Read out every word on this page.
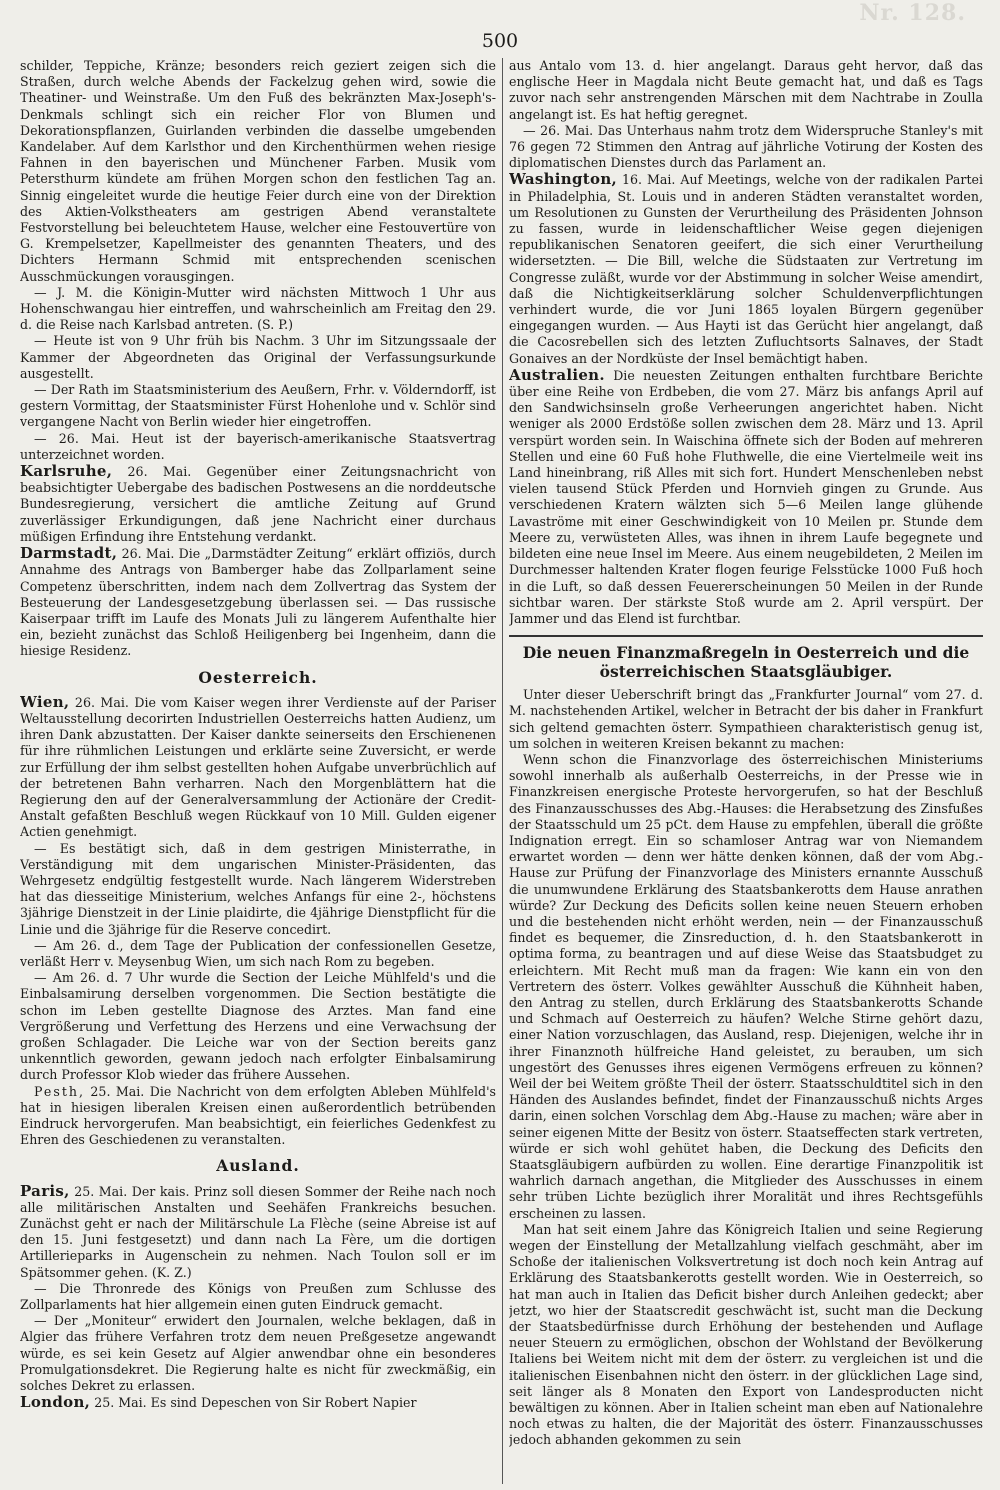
Nr. 128.
500

schilder, Teppiche, Kränze; besonders reich geziert zeigen sich die Straßen, durch welche Abends der Fackelzug gehen wird, sowie die Theatiner- und Weinstraße. Um den Fuß des bekränzten Max-Joseph's-Denkmals schlingt sich ein reicher Flor von Blumen und Dekorationspflanzen, Guirlanden verbinden die dasselbe umgebenden Kandelaber. Auf dem Karlsthor und den Kirchenthürmen wehen riesige Fahnen in den bayerischen und Münchener Farben. Musik vom Petersthurm kündete am frühen Morgen schon den festlichen Tag an. Sinnig eingeleitet wurde die heutige Feier durch eine von der Direktion des Aktien-Volkstheaters am gestrigen Abend veranstaltete Festvorstellung bei beleuchtetem Hause, welcher eine Festouvertüre von G. Krempelsetzer, Kapellmeister des genannten Theaters, und des Dichters Hermann Schmid mit entsprechenden scenischen Ausschmückungen vorausgingen.

— J. M. die Königin-Mutter wird nächsten Mittwoch 1 Uhr aus Hohenschwangau hier eintreffen, und wahrscheinlich am Freitag den 29. d. die Reise nach Karlsbad antreten. (S. P.)

— Heute ist von 9 Uhr früh bis Nachm. 3 Uhr im Sitzungssaale der Kammer der Abgeordneten das Original der Verfassungsurkunde ausgestellt.

— Der Rath im Staatsministerium des Aeußern, Frhr. v. Völderndorff, ist gestern Vormittag, der Staatsminister Fürst Hohenlohe und v. Schlör sind vergangene Nacht von Berlin wieder hier eingetroffen.

— 26. Mai. Heut ist der bayerisch-amerikanische Staatsvertrag unterzeichnet worden.

Karlsruhe, 26. Mai. Gegenüber einer Zeitungsnachricht von beabsichtigter Uebergabe des badischen Postwesens an die norddeutsche Bundesregierung, versichert die amtliche Zeitung auf Grund zuverlässiger Erkundigungen, daß jene Nachricht einer durchaus müßigen Erfindung ihre Entstehung verdankt.

Darmstadt, 26. Mai. Die „Darmstädter Zeitung“ erklärt offiziös, durch Annahme des Antrags von Bamberger habe das Zollparlament seine Competenz überschritten, indem nach dem Zollvertrag das System der Besteuerung der Landesgesetzgebung überlassen sei. — Das russische Kaiserpaar trifft im Laufe des Monats Juli zu längerem Aufenthalte hier ein, bezieht zunächst das Schloß Heiligenberg bei Ingenheim, dann die hiesige Residenz.

Oesterreich.

Wien, 26. Mai. Die vom Kaiser wegen ihrer Verdienste auf der Pariser Weltausstellung decorirten Industriellen Oesterreichs hatten Audienz, um ihren Dank abzustatten. Der Kaiser dankte seinerseits den Erschienenen für ihre rühmlichen Leistungen und erklärte seine Zuversicht, er werde zur Erfüllung der ihm selbst gestellten hohen Aufgabe unverbrüchlich auf der betretenen Bahn verharren. Nach den Morgenblättern hat die Regierung den auf der Generalversammlung der Actionäre der Credit-Anstalt gefaßten Beschluß wegen Rückkauf von 10 Mill. Gulden eigener Actien genehmigt.

— Es bestätigt sich, daß in dem gestrigen Ministerrathe, in Verständigung mit dem ungarischen Minister-Präsidenten, das Wehrgesetz endgültig festgestellt wurde. Nach längerem Widerstreben hat das diesseitige Ministerium, welches Anfangs für eine 2-, höchstens 3jährige Dienstzeit in der Linie plaidirte, die 4jährige Dienstpflicht für die Linie und die 3jährige für die Reserve concedirt.

— Am 26. d., dem Tage der Publication der confessionellen Gesetze, verläßt Herr v. Meysenbug Wien, um sich nach Rom zu begeben.

— Am 26. d. 7 Uhr wurde die Section der Leiche Mühlfeld's und die Einbalsamirung derselben vorgenommen. Die Section bestätigte die schon im Leben gestellte Diagnose des Arztes. Man fand eine Vergrößerung und Verfettung des Herzens und eine Verwachsung der großen Schlagader. Die Leiche war von der Section bereits ganz unkenntlich geworden, gewann jedoch nach erfolgter Einbalsamirung durch Professor Klob wieder das frühere Aussehen.

Pesth, 25. Mai. Die Nachricht von dem erfolgten Ableben Mühlfeld's hat in hiesigen liberalen Kreisen einen außerordentlich betrübenden Eindruck hervorgerufen. Man beabsichtigt, ein feierliches Gedenkfest zu Ehren des Geschiedenen zu veranstalten.

Ausland.

Paris, 25. Mai. Der kais. Prinz soll diesen Sommer der Reihe nach noch alle militärischen Anstalten und Seehäfen Frankreichs besuchen. Zunächst geht er nach der Militärschule La Flèche (seine Abreise ist auf den 15. Juni festgesetzt) und dann nach La Fère, um die dortigen Artillerieparks in Augenschein zu nehmen. Nach Toulon soll er im Spätsommer gehen. (K. Z.)

— Die Thronrede des Königs von Preußen zum Schlusse des Zollparlaments hat hier allgemein einen guten Eindruck gemacht.

— Der „Moniteur“ erwidert den Journalen, welche beklagen, daß in Algier das frühere Verfahren trotz dem neuen Preßgesetze angewandt würde, es sei kein Gesetz auf Algier anwendbar ohne ein besonderes Promulgationsdekret. Die Regierung halte es nicht für zweckmäßig, ein solches Dekret zu erlassen.

London, 25. Mai. Es sind Depeschen von Sir Robert Napier

aus Antalo vom 13. d. hier angelangt. Daraus geht hervor, daß das englische Heer in Magdala nicht Beute gemacht hat, und daß es Tags zuvor nach sehr anstrengenden Märschen mit dem Nachtrabe in Zoulla angelangt ist. Es hat heftig geregnet.

— 26. Mai. Das Unterhaus nahm trotz dem Widerspruche Stanley's mit 76 gegen 72 Stimmen den Antrag auf jährliche Votirung der Kosten des diplomatischen Dienstes durch das Parlament an.

Washington, 16. Mai. Auf Meetings, welche von der radikalen Partei in Philadelphia, St. Louis und in anderen Städten veranstaltet worden, um Resolutionen zu Gunsten der Verurtheilung des Präsidenten Johnson zu fassen, wurde in leidenschaftlicher Weise gegen diejenigen republikanischen Senatoren geeifert, die sich einer Verurtheilung widersetzten. — Die Bill, welche die Südstaaten zur Vertretung im Congresse zuläßt, wurde vor der Abstimmung in solcher Weise amendirt, daß die Nichtigkeitserklärung solcher Schuldenverpflichtungen verhindert wurde, die vor Juni 1865 loyalen Bürgern gegenüber eingegangen wurden. — Aus Hayti ist das Gerücht hier angelangt, daß die Cacosrebellen sich des letzten Zufluchtsorts Salnaves, der Stadt Gonaives an der Nordküste der Insel bemächtigt haben.

Australien. Die neuesten Zeitungen enthalten furchtbare Berichte über eine Reihe von Erdbeben, die vom 27. März bis anfangs April auf den Sandwichsinseln große Verheerungen angerichtet haben. Nicht weniger als 2000 Erdstöße sollen zwischen dem 28. März und 13. April verspürt worden sein. In Waischina öffnete sich der Boden auf mehreren Stellen und eine 60 Fuß hohe Fluthwelle, die eine Viertelmeile weit ins Land hineinbrang, riß Alles mit sich fort. Hundert Menschenleben nebst vielen tausend Stück Pferden und Hornvieh gingen zu Grunde. Aus verschiedenen Kratern wälzten sich 5—6 Meilen lange glühende Lavaströme mit einer Geschwindigkeit von 10 Meilen pr. Stunde dem Meere zu, verwüsteten Alles, was ihnen in ihrem Laufe begegnete und bildeten eine neue Insel im Meere. Aus einem neugebildeten, 2 Meilen im Durchmesser haltenden Krater flogen feurige Felsstücke 1000 Fuß hoch in die Luft, so daß dessen Feuererscheinungen 50 Meilen in der Runde sichtbar waren. Der stärkste Stoß wurde am 2. April verspürt. Der Jammer und das Elend ist furchtbar.

Die neuen Finanzmaßregeln in Oesterreich und die österreichischen Staatsgläubiger.

Unter dieser Ueberschrift bringt das „Frankfurter Journal“ vom 27. d. M. nachstehenden Artikel, welcher in Betracht der bis daher in Frankfurt sich geltend gemachten österr. Sympathieen charakteristisch genug ist, um solchen in weiteren Kreisen bekannt zu machen:

Wenn schon die Finanzvorlage des österreichischen Ministeriums sowohl innerhalb als außerhalb Oesterreichs, in der Presse wie in Finanzkreisen energische Proteste hervorgerufen, so hat der Beschluß des Finanzausschusses des Abg.-Hauses: die Herabsetzung des Zinsfußes der Staatsschuld um 25 pCt. dem Hause zu empfehlen, überall die größte Indignation erregt. Ein so schamloser Antrag war von Niemandem erwartet worden — denn wer hätte denken können, daß der vom Abg.-Hause zur Prüfung der Finanzvorlage des Ministers ernannte Ausschuß die unumwundene Erklärung des Staatsbankerotts dem Hause anrathen würde? Zur Deckung des Deficits sollen keine neuen Steuern erhoben und die bestehenden nicht erhöht werden, nein — der Finanzausschuß findet es bequemer, die Zinsreduction, d. h. den Staatsbankerott in optima forma, zu beantragen und auf diese Weise das Staatsbudget zu erleichtern. Mit Recht muß man da fragen: Wie kann ein von den Vertretern des österr. Volkes gewählter Ausschuß die Kühnheit haben, den Antrag zu stellen, durch Erklärung des Staatsbankerotts Schande und Schmach auf Oesterreich zu häufen? Welche Stirne gehört dazu, einer Nation vorzuschlagen, das Ausland, resp. Diejenigen, welche ihr in ihrer Finanznoth hülfreiche Hand geleistet, zu berauben, um sich ungestört des Genusses ihres eigenen Vermögens erfreuen zu können? Weil der bei Weitem größte Theil der österr. Staatsschuldtitel sich in den Händen des Auslandes befindet, findet der Finanzausschuß nichts Arges darin, einen solchen Vorschlag dem Abg.-Hause zu machen; wäre aber in seiner eigenen Mitte der Besitz von österr. Staatseffecten stark vertreten, würde er sich wohl gehütet haben, die Deckung des Deficits den Staatsgläubigern aufbürden zu wollen. Eine derartige Finanzpolitik ist wahrlich darnach angethan, die Mitglieder des Ausschusses in einem sehr trüben Lichte bezüglich ihrer Moralität und ihres Rechtsgefühls erscheinen zu lassen.

Man hat seit einem Jahre das Königreich Italien und seine Regierung wegen der Einstellung der Metallzahlung vielfach geschmäht, aber im Schoße der italienischen Volksvertretung ist doch noch kein Antrag auf Erklärung des Staatsbankerotts gestellt worden. Wie in Oesterreich, so hat man auch in Italien das Deficit bisher durch Anleihen gedeckt; aber jetzt, wo hier der Staatscredit geschwächt ist, sucht man die Deckung der Staatsbedürfnisse durch Erhöhung der bestehenden und Auflage neuer Steuern zu ermöglichen, obschon der Wohlstand der Bevölkerung Italiens bei Weitem nicht mit dem der österr. zu vergleichen ist und die italienischen Eisenbahnen nicht den österr. in der glücklichen Lage sind, seit länger als 8 Monaten den Export von Landesproducten nicht bewältigen zu können. Aber in Italien scheint man eben auf Nationalehre noch etwas zu halten, die der Majorität des österr. Finanzausschusses jedoch abhanden gekommen zu sein
